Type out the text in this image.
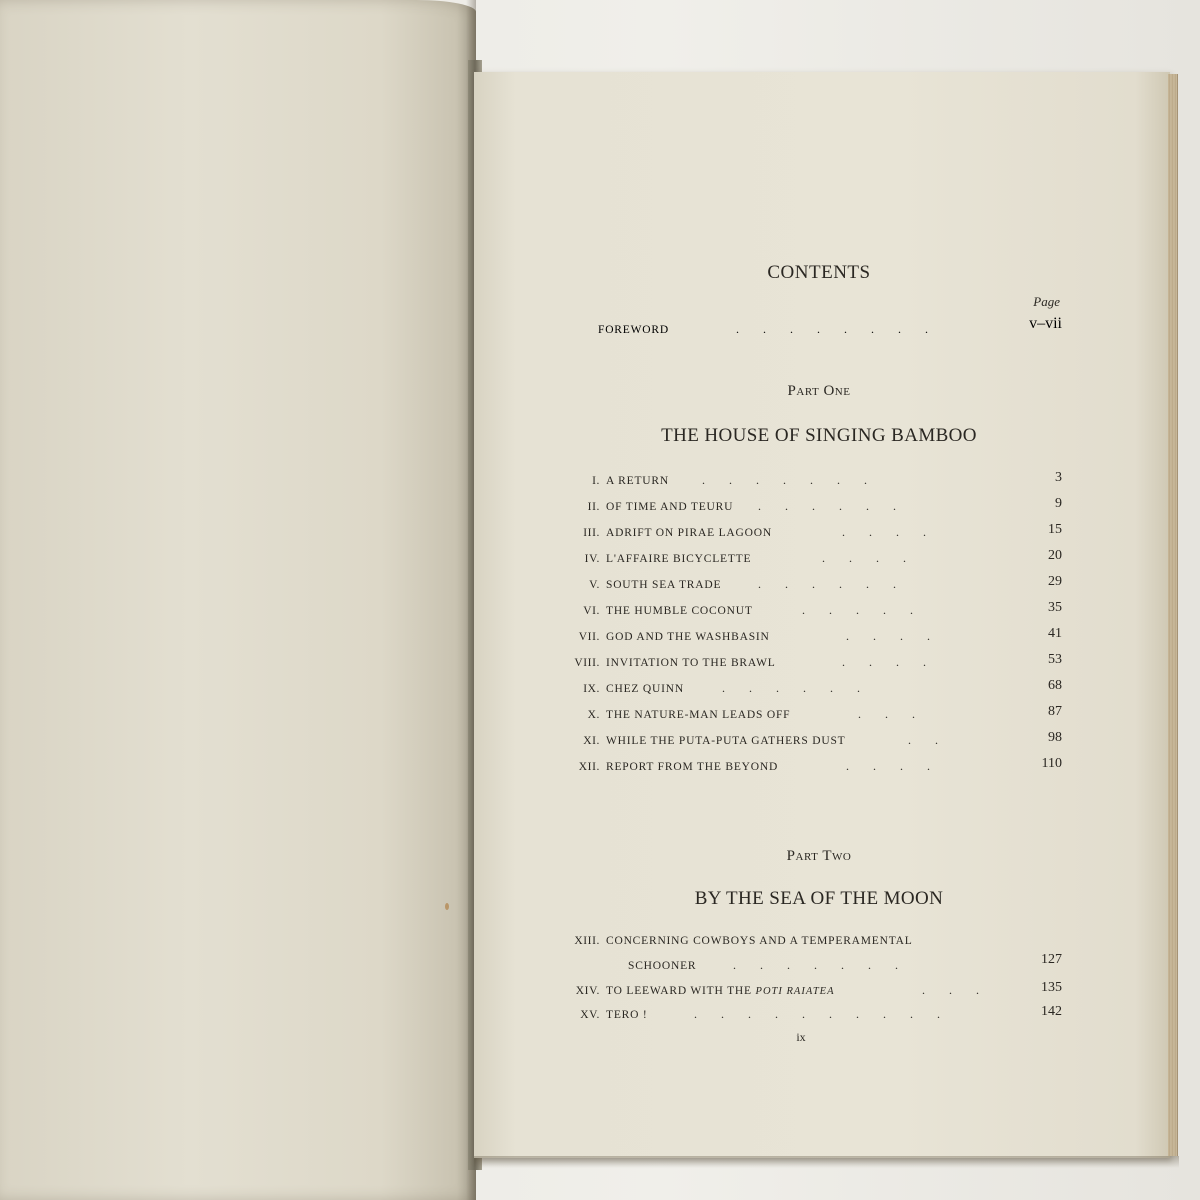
CONTENTS
Page
FOREWORD	.        .        .        .        .        .        .        .	v–vii
Part One
THE HOUSE OF SINGING BAMBOO
I. A RETURN	.        .        .        .        .        .        .	3
II. OF TIME AND TEURU .        .        .        .        .        .	9
III. ADRIFT ON PIRAE LAGOON	.        .        .        .	15
IV. L'AFFAIRE BICYCLETTE	.        .        .        .	20
V. SOUTH SEA TRADE	.        .        .        .        .        .	29
VI. THE HUMBLE COCONUT	.        .        .        .        .	35
VII. GOD AND THE WASHBASIN	.        .        .        .	41
VIII. INVITATION TO THE BRAWL	.        .        .        .	53
IX. CHEZ QUINN	.        .        .        .        .        .	68
X. THE NATURE-MAN LEADS OFF	.        .        .	87
XI. WHILE THE PUTA-PUTA GATHERS DUST	.        .	98
XII. REPORT FROM THE BEYOND	.        .        .        .	110
Part Two
BY THE SEA OF THE MOON
XIII. CONCERNING COWBOYS AND A TEMPERAMENTAL
SCHOONER	.        .        .        .        .        .        .	127
XIV. TO LEEWARD WITH THE POTI RAIATEA	.        .        .	135
XV. TERO !	.        .        .        .        .        .        .        .        .        .	142
ix
